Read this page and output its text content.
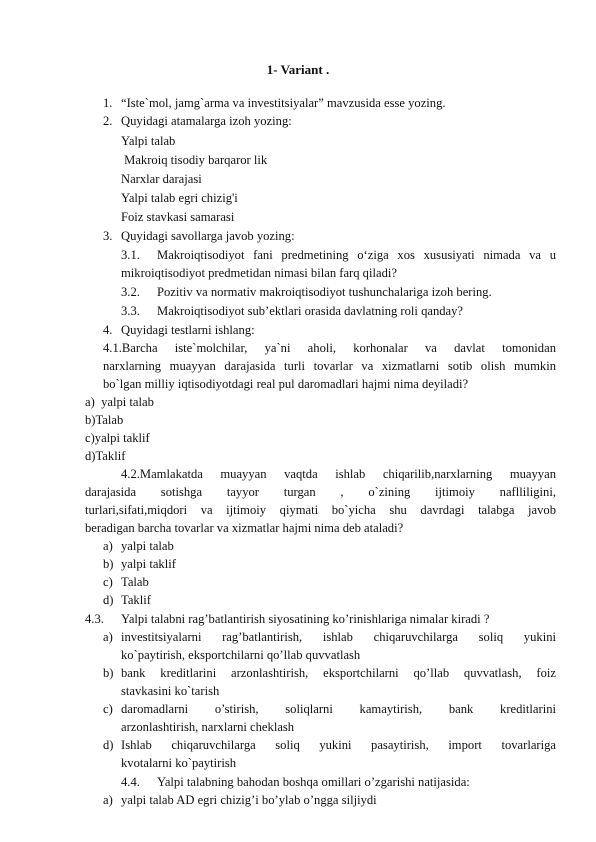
1- Variant .
1. “Iste`mol, jamg`arma va investitsiyalar” mavzusida esse yozing.
2. Quyidagi atamalarga izoh yozing:
Yalpi talab
Makroiq tisodiy barqaror lik
Narxlar darajasi
Yalpi talab egri chizig'i
Foiz stavkasi samarasi
3. Quyidagi savollarga javob yozing:
3.1. Makroiqtisodiyot fani predmetining o‘ziga xos xususiyati nimada va u
mikroiqtisodiyot predmetidan nimasi bilan farq qiladi?
3.2. Pozitiv va normativ makroiqtisodiyot tushunchalariga izoh bering.
3.3. Makroiqtisodiyot sub’ektlari orasida davlatning roli qanday?
4. Quyidagi testlarni ishlang:
4.1.Barcha iste`molchilar, ya`ni aholi, korhonalar va davlat tomonidan
narxlarning muayyan darajasida turli tovarlar va xizmatlarni sotib olish mumkin
bo`lgan milliy iqtisodiyotdagi real pul daromadlari hajmi nima deyiladi?
a)  yalpi talab
b)Talab
c)yalpi taklif
d)Taklif
4.2.Mamlakatda muayyan vaqtda ishlab chiqarilib,narxlarning muayyan
darajasida sotishga tayyor turgan , o`zining ijtimoiy naflliligini,
turlari,sifati,miqdori va ijtimoiy qiymati bo`yicha shu davrdagi talabga javob
beradigan barcha tovarlar va xizmatlar hajmi nima deb ataladi?
a) yalpi talab
b) yalpi taklif
c) Talab
d) Taklif
4.3. Yalpi talabni rag’batlantirish siyosatining ko’rinishlariga nimalar kiradi ?
a) investitsiyalarni rag’batlantirish, ishlab chiqaruvchilarga soliq yukini
ko`paytirish, eksportchilarni qo’llab quvvatlash
b) bank kreditlarini arzonlashtirish, eksportchilarni qo’llab quvvatlash, foiz
stavkasini ko`tarish
c) daromadlarni o’stirish, soliqlarni kamaytirish, bank kreditlarini
arzonlashtirish, narxlarni cheklash
d) Ishlab chiqaruvchilarga soliq yukini pasaytirish, import tovarlariga
kvotalarni ko`paytirish
4.4. Yalpi talabning bahodan boshqa omillari o’zgarishi natijasida:
a) yalpi talab AD egri chizig’i bo’ylab o’ngga siljiydi
